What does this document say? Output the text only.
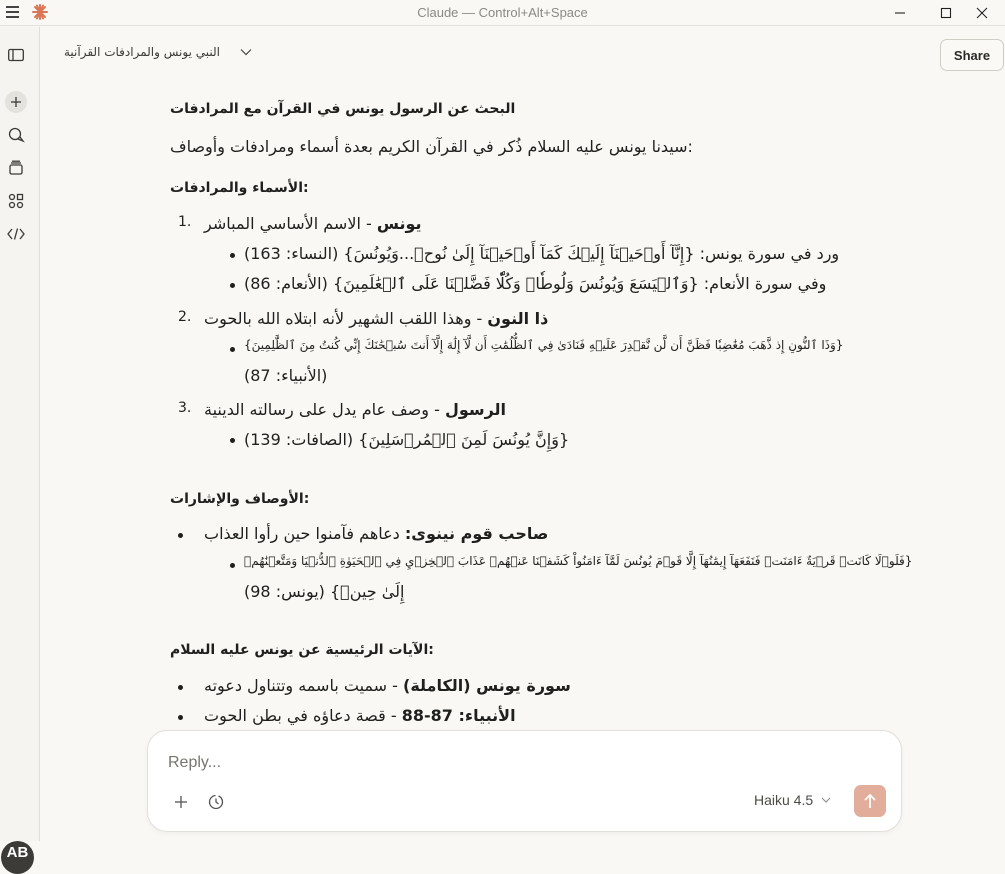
Claude — Control+Alt+Space
AB
النبي يونس والمرادفات القرآنية	Share
البحث عن الرسول يونس في القرآن مع المرادفات
:سيدنا يونس عليه السلام ذُكر في القرآن الكريم بعدة أسماء ومرادفات وأوصاف
:الأسماء والمرادفات
1.	يونس - الاسم الأساسي المباشر
ورد في سورة يونس: {إِنَّآ أَوۡحَيۡنَآ إِلَيۡكَ كَمَآ أَوۡحَيۡنَآ إِلَىٰ نُوحٖ...وَيُونُسَ} (النساء: 163)
وفي سورة الأنعام: {وَٱلۡيَسَعَ وَيُونُسَ وَلُوطٗاۚ وَكُلّٗا فَضَّلۡنَا عَلَى ٱلۡعَٰلَمِينَ} (الأنعام: 86)
2.	ذا النون - وهذا اللقب الشهير لأنه ابتلاه الله بالحوت
{وَذَا ٱلنُّونِ إِذ ذَّهَبَ مُغَٰضِبٗا فَظَنَّ أَن لَّن نَّقۡدِرَ عَلَيۡهِ فَنَادَىٰ فِي ٱلظُّلُمَٰتِ أَن لَّآ إِلَٰهَ إِلَّآ أَنتَ سُبۡحَٰنَكَ إِنِّي كُنتُ مِنَ ٱلظَّٰلِمِينَ}
(الأنبياء: 87)
3.	الرسول - وصف عام يدل على رسالته الدينية
{وَإِنَّ يُونُسَ لَمِنَ ٱلۡمُرۡسَلِينَ} (الصافات: 139)
:الأوصاف والإشارات
صاحب قوم نينوى: دعاهم فآمنوا حين رأوا العذاب
{فَلَوۡلَا كَانَتۡ قَرۡيَةٌ ءَامَنَتۡ فَنَفَعَهَآ إِيمَٰنُهَآ إِلَّا قَوۡمَ يُونُسَ لَمَّآ ءَامَنُواْ كَشَفۡنَا عَنۡهُمۡ عَذَابَ ٱلۡخِزۡيِ فِي ٱلۡحَيَوٰةِ ٱلدُّنۡيَا وَمَتَّعۡنَٰهُمۡ
إِلَىٰ حِينٖ} (يونس: 98)
:الآيات الرئيسية عن يونس عليه السلام
سورة يونس (الكاملة) - سميت باسمه وتتناول دعوته
الأنبياء: 87-88 - قصة دعاؤه في بطن الحوت
Reply...
Haiku 4.5
